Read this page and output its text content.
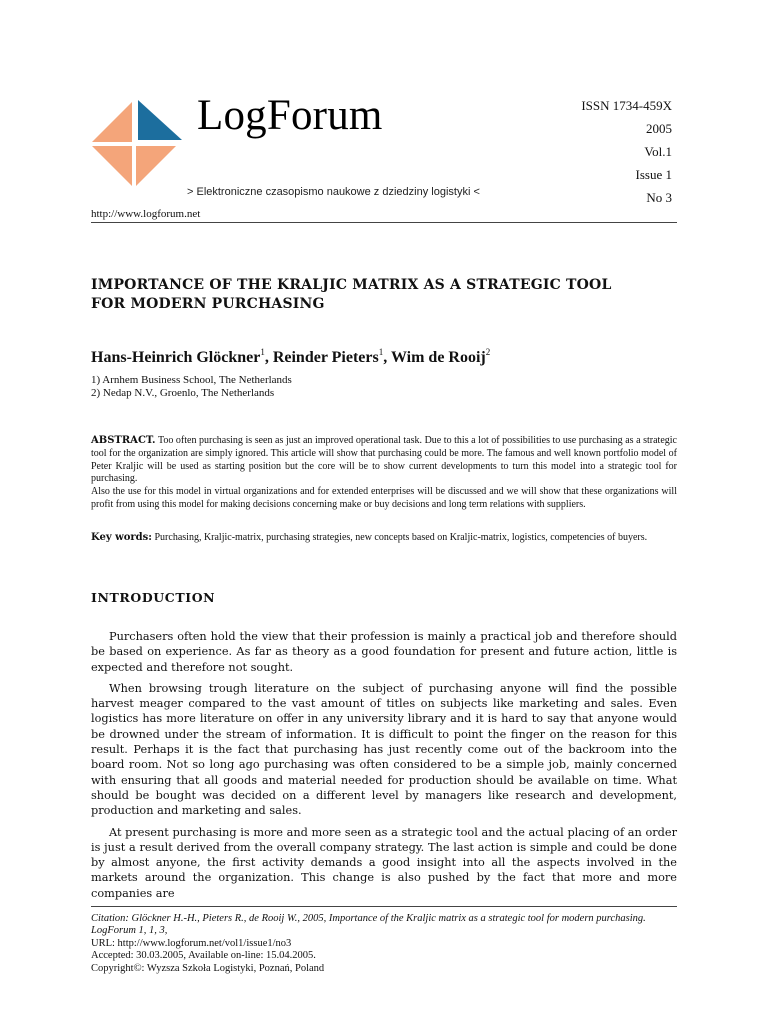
LogForum
> Elektroniczne czasopismo naukowe z dziedziny logistyki <
http://www.logforum.net
ISSN 1734-459X
2005
Vol.1
Issue 1
No 3
IMPORTANCE OF THE KRALJIC MATRIX AS A STRATEGIC TOOL
FOR MODERN PURCHASING
Hans-Heinrich Glöckner$^1$, Reinder Pieters$^1$, Wim de Rooij$^2$
1) Arnhem Business School, The Netherlands
2) Nedap N.V., Groenlo, The Netherlands

ABSTRACT. Too often purchasing is seen as just an improved operational task. Due to this a lot of possibilities to use purchasing as a strategic tool for the organization are simply ignored. This article will show that purchasing could be more. The famous and well known portfolio model of Peter Kraljic will be used as starting position but the core will be to show current developments to turn this model into a strategic tool for purchasing.

Also the use for this model in virtual organizations and for extended enterprises will be discussed and we will show that these organizations will profit from using this model for making decisions concerning make or buy decisions and long term relations with suppliers.

Key words: Purchasing, Kraljic-matrix, purchasing strategies, new concepts based on Kraljic-matrix, logistics, competencies of buyers.
INTRODUCTION

Purchasers often hold the view that their profession is mainly a practical job and therefore should be based on experience. As far as theory as a good foundation for present and future action, little is expected and therefore not sought.

When browsing trough literature on the subject of purchasing anyone will find the possible harvest meager compared to the vast amount of titles on subjects like marketing and sales. Even logistics has more literature on offer in any university library and it is hard to say that anyone would be drowned under the stream of information. It is difficult to point the finger on the reason for this result. Perhaps it is the fact that purchasing has just recently come out of the backroom into the board room. Not so long ago purchasing was often considered to be a simple job, mainly concerned with ensuring that all goods and material needed for production should be available on time. What should be bought was decided on a different level by managers like research and development, production and marketing and sales.

At present purchasing is more and more seen as a strategic tool and the actual placing of an order is just a result derived from the overall company strategy. The last action is simple and could be done by almost anyone, the first activity demands a good insight into all the aspects involved in the markets around the organization. This change is also pushed by the fact that more and more companies are

Citation: Glöckner H.-H., Pieters R., de Rooij W., 2005, Importance of the Kraljic matrix as a strategic tool for modern purchasing. LogForum 1, 1, 3,
URL: http://www.logforum.net/vol1/issue1/no3
Accepted: 30.03.2005, Available on-line: 15.04.2005.
Copyright©: Wyzsza Szkoła Logistyki, Poznań, Poland
